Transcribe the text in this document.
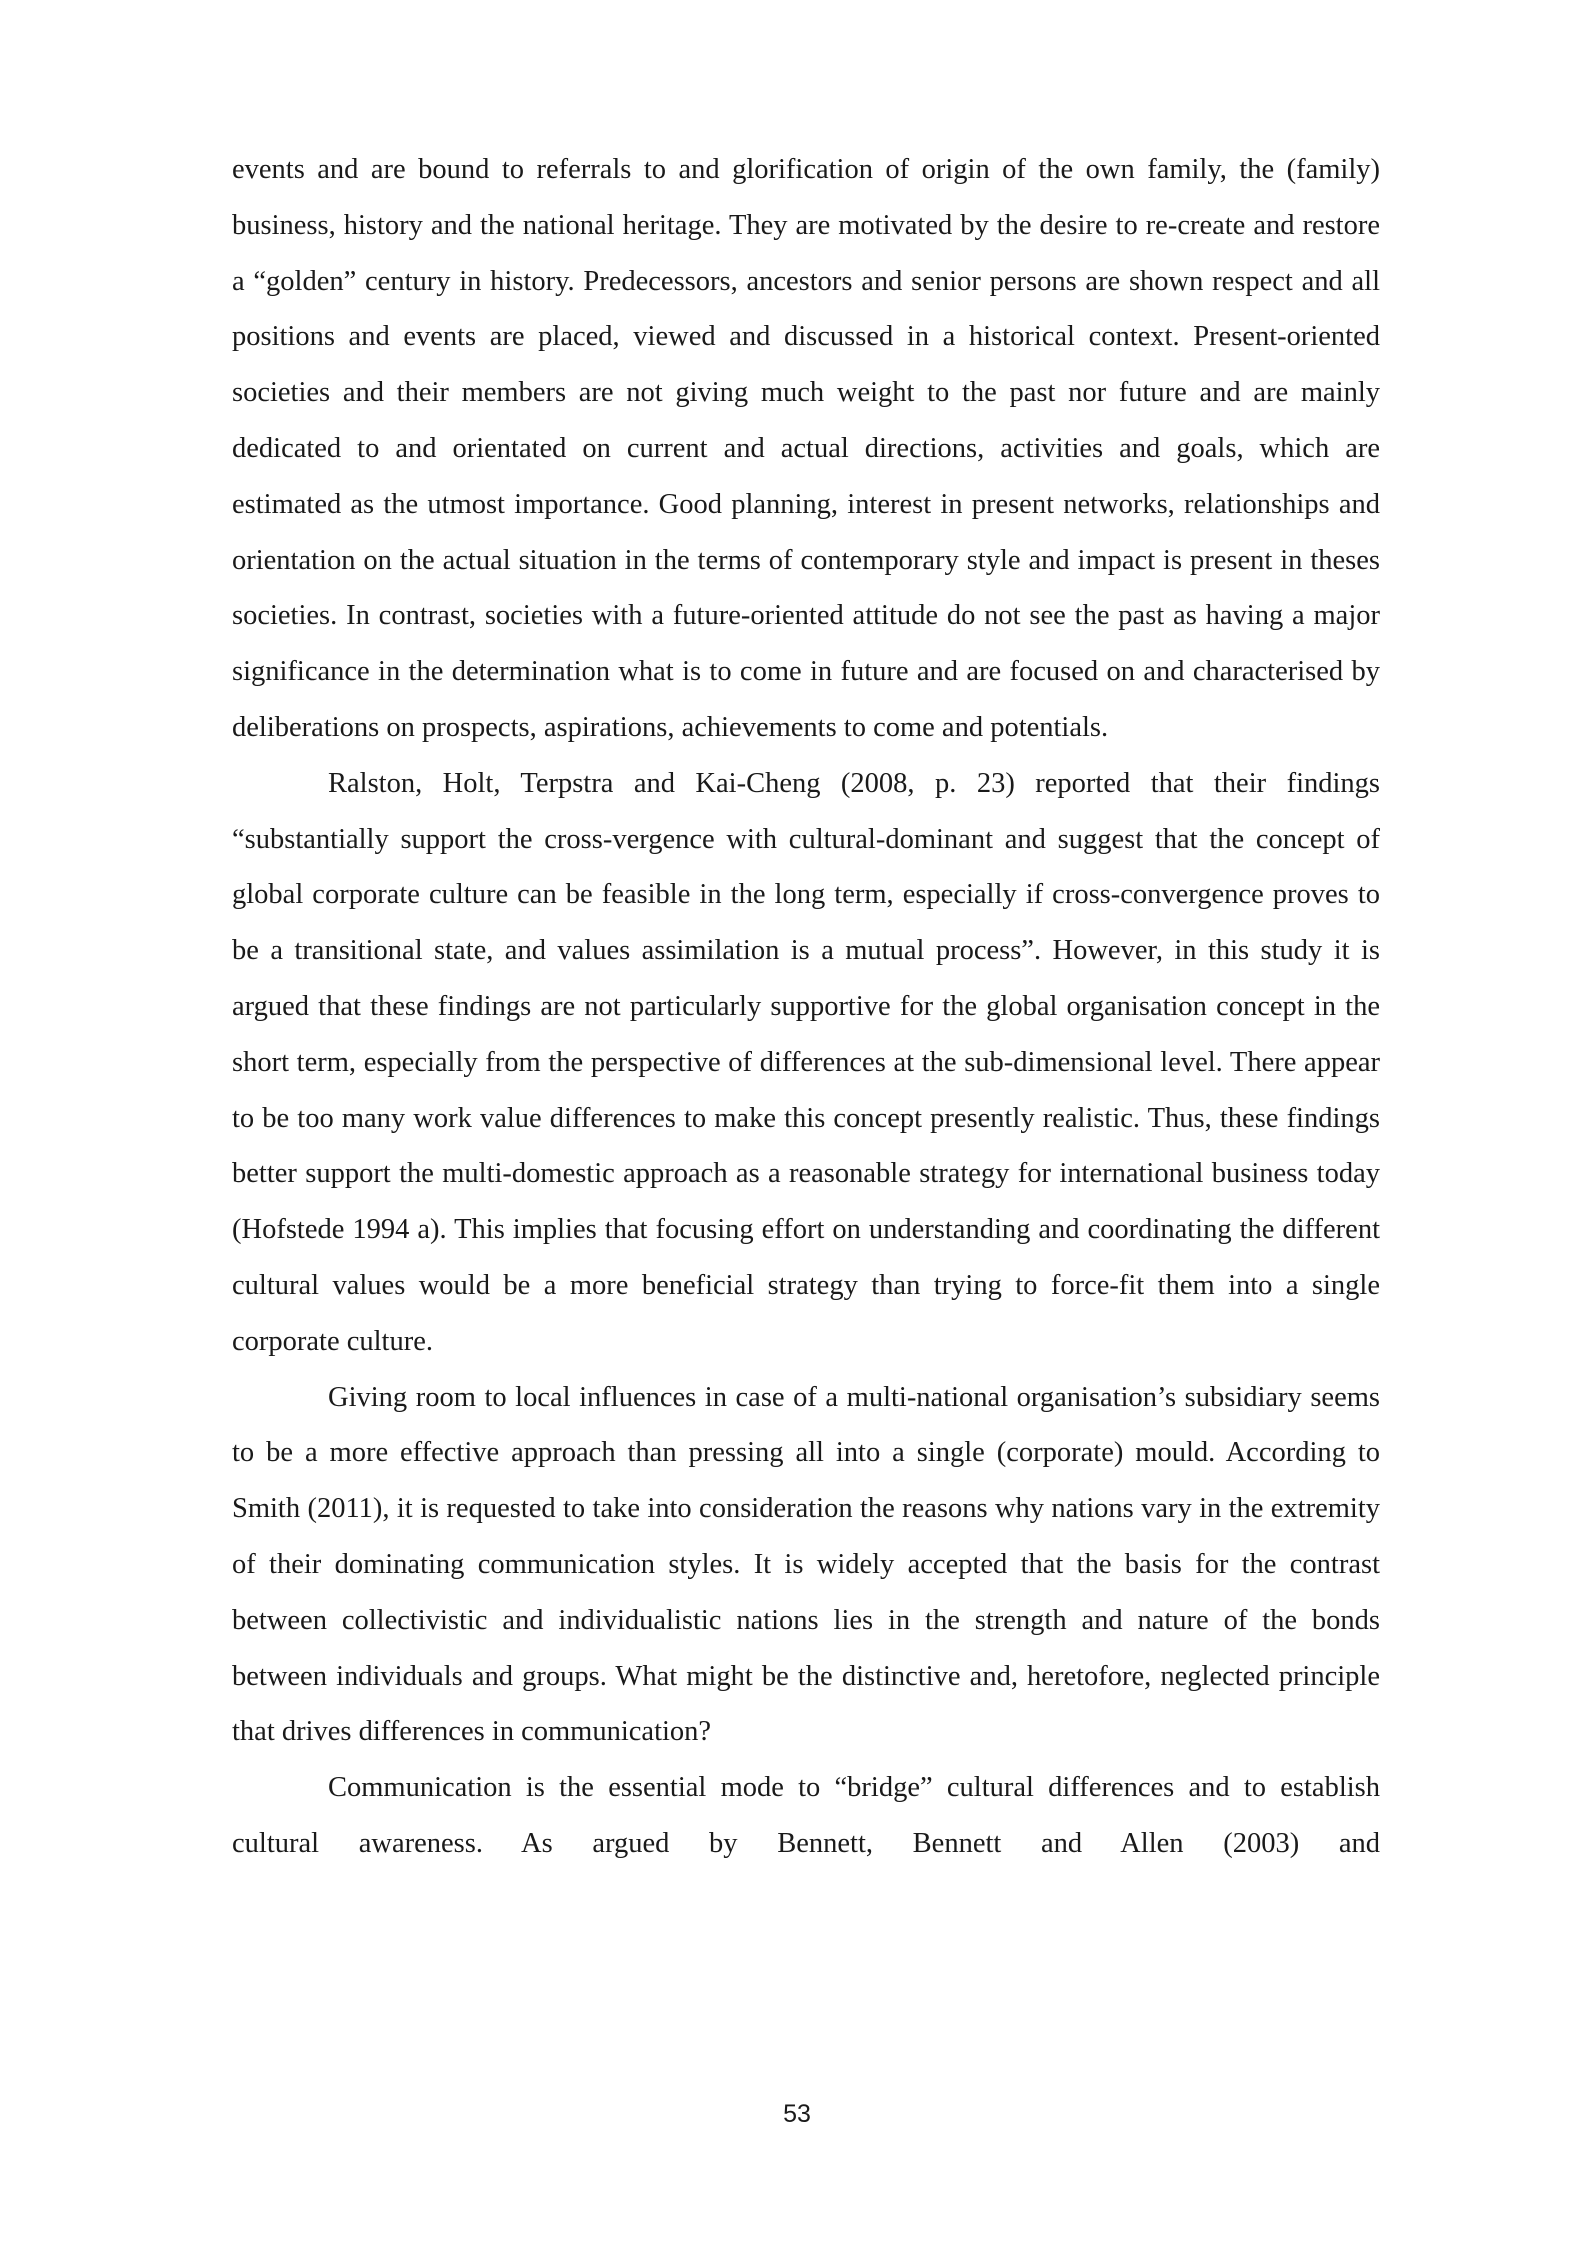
events and are bound to referrals to and glorification of origin of the own family, the (family) business, history and the national heritage. They are motivated by the desire to re-create and restore a “golden” century in history. Predecessors, ancestors and senior persons are shown respect and all positions and events are placed, viewed and discussed in a historical context. Present-oriented societies and their members are not giving much weight to the past nor future and are mainly dedicated to and orientated on current and actual directions, activities and goals, which are estimated as the utmost importance. Good planning, interest in present networks, relationships and orientation on the actual situation in the terms of contemporary style and impact is present in theses societies. In contrast, societies with a future-oriented attitude do not see the past as having a major significance in the determination what is to come in future and are focused on and characterised by deliberations on prospects, aspirations, achievements to come and potentials.

Ralston, Holt, Terpstra and Kai-Cheng (2008, p. 23) reported that their findings “substantially support the cross-vergence with cultural-dominant and suggest that the concept of global corporate culture can be feasible in the long term, especially if cross-convergence proves to be a transitional state, and values assimilation is a mutual process”. However, in this study it is argued that these findings are not particularly supportive for the global organisation concept in the short term, especially from the perspective of differences at the sub-dimensional level. There appear to be too many work value differences to make this concept presently realistic. Thus, these findings better support the multi-domestic approach as a reasonable strategy for international business today (Hofstede 1994 a). This implies that focusing effort on understanding and coordinating the different cultural values would be a more beneficial strategy than trying to force-fit them into a single corporate culture.

Giving room to local influences in case of a multi-national organisation’s subsidiary seems to be a more effective approach than pressing all into a single (corporate) mould. According to Smith (2011), it is requested to take into consideration the reasons why nations vary in the extremity of their dominating communication styles. It is widely accepted that the basis for the contrast between collectivistic and individualistic nations lies in the strength and nature of the bonds between individuals and groups. What might be the distinctive and, heretofore, neglected principle that drives differences in communication?

Communication is the essential mode to “bridge” cultural differences and to establish cultural awareness. As argued by Bennett, Bennett and Allen (2003) and

53
